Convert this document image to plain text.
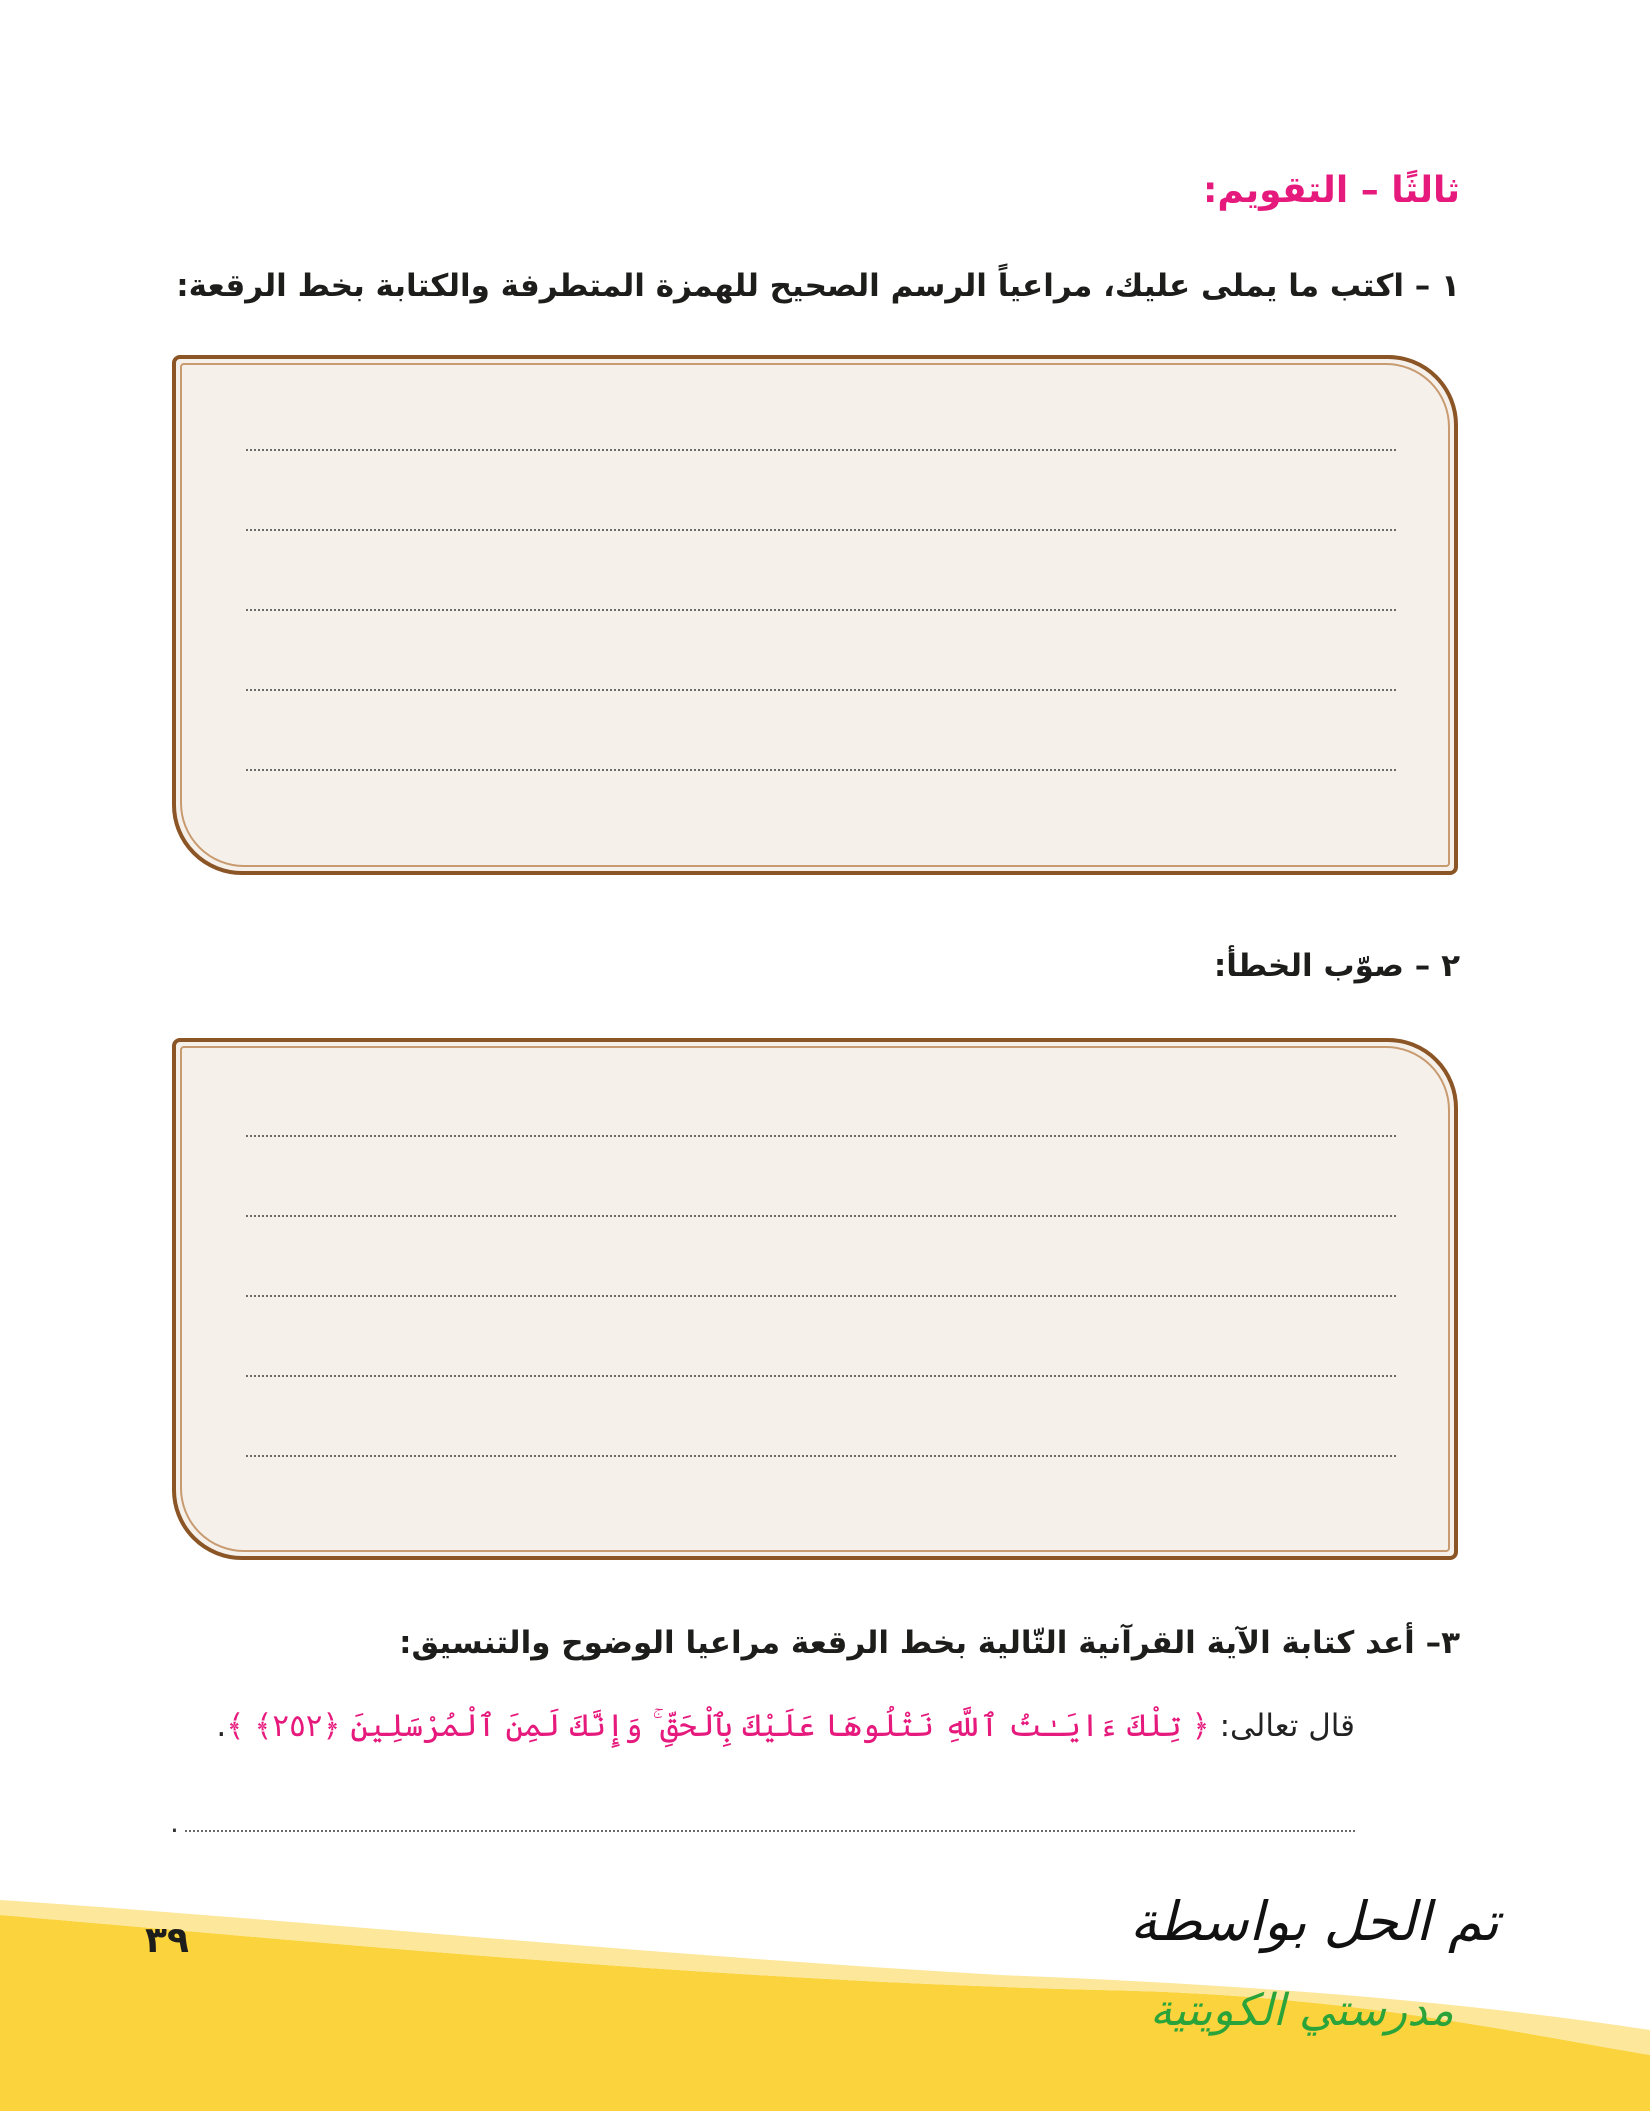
ثالثًا – التقويم:
١ – اكتب ما يملى عليك، مراعياً الرسم الصحيح للهمزة المتطرفة والكتابة بخط الرقعة:
٢ – صوّب الخطأ:
٣– أعد كتابة الآية القرآنية التّالية بخط الرقعة مراعيا الوضوح والتنسيق:
قال تعالى: ﴿ تِلْكَ ءَايَـٰتُ ٱللَّهِ نَتْلُوهَا عَلَيْكَ بِٱلْحَقِّ ۚ وَإِنَّكَ لَمِنَ ٱلْمُرْسَلِينَ ﴿٢٥٢﴾ ﴾.
.
٣٩	تم الحل بواسطة
مدرستي الكويتية
